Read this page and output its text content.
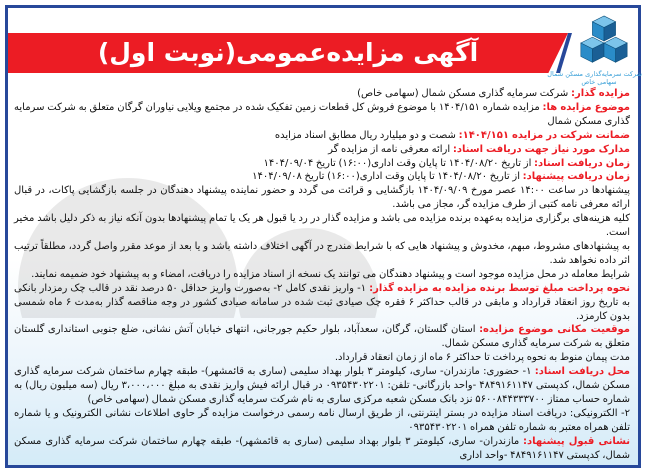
آگهی مزایده‌عمومی(نوبت اول)
شرکت سرمایه‌گذاری مسکن شمال
سهامی خاص

مزایده گذار: شرکت سرمایه گذاری مسکن شمال (سهامی خاص)

موضوع مزایده ها: مزایده شماره ۱۴۰۴/۱۵۱ با موضوع فروش کل قطعات زمین تفکیک شده در مجتمع ویلایی نیاوران گرگان متعلق به شرکت سرمایه گذاری مسکن شمال

ضمانت شرکت در مزایده ۱۴۰۴/۱۵۱: شصت و دو میلیارد ریال مطابق اسناد مزایده

مدارک مورد نیاز جهت دریافت اسناد: ارائه معرفی نامه از مزایده گر

زمان دریافت اسناد: از تاریخ ۱۴۰۴/۰۸/۲۰ تا پایان وقت اداری(۱۶:۰۰) تاریخ ۱۴۰۴/۰۹/۰۴

زمان دریافت پیشنهاد: از تاریخ ۱۴۰۴/۰۸/۲۰ تا پایان وقت اداری(۱۶:۰۰) تاریخ ۱۴۰۴/۰۹/۰۸

پیشنهادها در ساعت ۱۴:۰۰ عصر مورخ ۱۴۰۴/۰۹/۰۹ بازگشایی و قرائت می گردد و حضور نماینده پیشنهاد دهندگان در جلسه بازگشایی پاکات، در قبال ارائه معرفی نامه کتبی از طرف مزایده گر، مجاز می باشد.

کلیه هزینه‌های برگزاری مزایده به‌عهده برنده مزایده می باشد و مزایده گذار در رد یا قبول هر یک یا تمام پیشنهادها بدون آنکه نیاز به ذکر دلیل باشد مخیر است.

به پیشنهادهای مشروط، مبهم، مخدوش و پیشنهاد هایی که با شرایط مندرج در آگهی اختلاف داشته باشد و یا بعد از موعد مقرر واصل گردد، مطلقاً ترتیب اثر داده نخواهد شد.

شرایط معامله در محل مزایده موجود است و پیشنهاد دهندگان می توانند یک نسخه از اسناد مزایده را دریافت، امضاء و به پیشنهاد خود ضمیمه نمایند.

نحوه پرداخت مبلغ توسط برنده مزایده به مزایده گذار: ۱- واریز نقدی کامل ۲- به‌صورت واریز حداقل ۵۰ درصد نقد در قالب چک رمزدار بانکی به تاریخ روز انعقاد قرارداد و مابقی در قالب حداکثر ۶ فقره چک صیادی ثبت شده در سامانه صیادی کشور در وجه مناقصه گذار به‌مدت ۶ ماه شمسی بدون کارمزد.

موقعیت مکانی موضوع مزایده: استان گلستان، گرگان، سعدآباد، بلوار حکیم جورجانی، انتهای خیابان آتش نشانی، ضلع جنوبی استانداری گلستان متعلق به شرکت سرمایه گذاری مسکن شمال.

مدت پیمان منوط به نحوه پرداخت تا حداکثر ۶ ماه از زمان انعقاد قرارداد.

محل دریافت اسناد: ۱- حضوری: مازندران- ساری، کیلومتر ۳ بلوار بهداد سلیمی (ساری به قائمشهر)- طبقه چهارم ساختمان شرکت سرمایه گذاری مسکن شمال، کدپستی ۴۸۴۹۱۶۱۱۴۷ -واحد بازرگانی- تلفن: ۰۹۳۵۴۳۰۲۲۰۱ در قبال ارائه فیش واریز نقدی به مبلغ ۳،۰۰۰،۰۰۰ ریال (سه میلیون ریال) به شماره حساب ممتاز ۵۶۰۰۸۴۴۳۳۳۷۰۰ نزد بانک مسکن شعبه مرکزی ساری به نام شرکت سرمایه گذاری مسکن شمال (سهامی خاص)

۲- الکترونیکی: دریافت اسناد مزایده در بستر اینترنتی، از طریق ارسال نامه رسمی درخواست مزایده گر حاوی اطلاعات نشانی الکترونیک و یا شماره تلفن همراه معتبر به شماره تلفن همراه ۰۹۳۵۴۳۰۲۲۰۱

نشانی قبول پیشنهاد: مازندران- ساری، کیلومتر ۳ بلوار بهداد سلیمی (ساری به قائمشهر)- طبقه چهارم ساختمان شرکت سرمایه گذاری مسکن شمال، کدپستی ۴۸۴۹۱۶۱۱۴۷ -واحد اداری
